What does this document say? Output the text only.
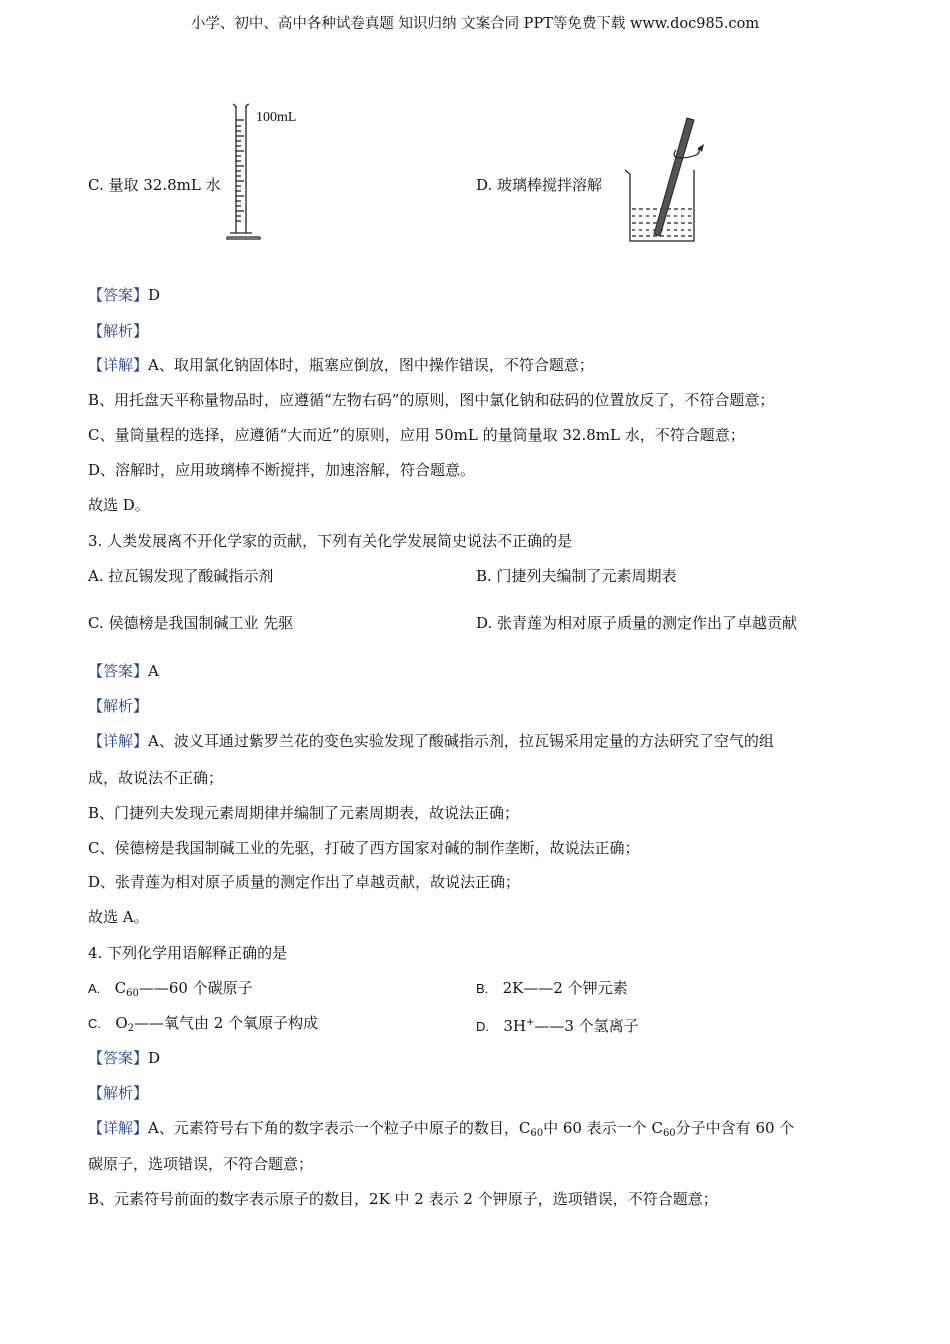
小学、初中、高中各种试卷真题 知识归纳 文案合同 PPT等免费下载 www.doc985.com
C. 量取 32.8mL 水
100mL
D. 玻璃棒搅拌溶解
【答案】D
【解析】
【详解】A、取用氯化钠固体时，瓶塞应倒放，图中操作错误，不符合题意；
B、用托盘天平称量物品时，应遵循“左物右码”的原则，图中氯化钠和砝码的位置放反了，不符合题意；
C、量筒量程的选择，应遵循“大而近”的原则，应用 50mL 的量筒量取 32.8mL 水，不符合题意；
D、溶解时，应用玻璃棒不断搅拌，加速溶解，符合题意。
故选 D。
3. 人类发展离不开化学家的贡献，下列有关化学发展简史说法不正确的是
A. 拉瓦锡发现了酸碱指示剂	B. 门捷列夫编制了元素周期表
C. 侯德榜是我国制碱工业 先驱	D. 张青莲为相对原子质量的测定作出了卓越贡献
【答案】A
【解析】
【详解】A、波义耳通过紫罗兰花的变色实验发现了酸碱指示剂，拉瓦锡采用定量的方法研究了空气的组
成，故说法不正确；
B、门捷列夫发现元素周期律并编制了元素周期表，故说法正确；
C、侯德榜是我国制碱工业的先驱，打破了西方国家对碱的制作垄断，故说法正确；
D、张青莲为相对原子质量的测定作出了卓越贡献，故说法正确；
故选 A。
4. 下列化学用语解释正确的是
A. $C_{60}——60$ 个碳原子	B. 2K——2 个钾元素
C. $O_2——$氧气由 2 个氧原子构成	D. 3H+——3 个氢离子
【答案】D
【解析】
【详解】A、元素符号右下角的数字表示一个粒子中原子的数目，$C_{60}$中 60 表示一个 $C_{60}$分子中含有 60 个
碳原子，选项错误，不符合题意；
B、元素符号前面的数字表示原子的数目，2K 中 2 表示 2 个钾原子，选项错误，不符合题意；
